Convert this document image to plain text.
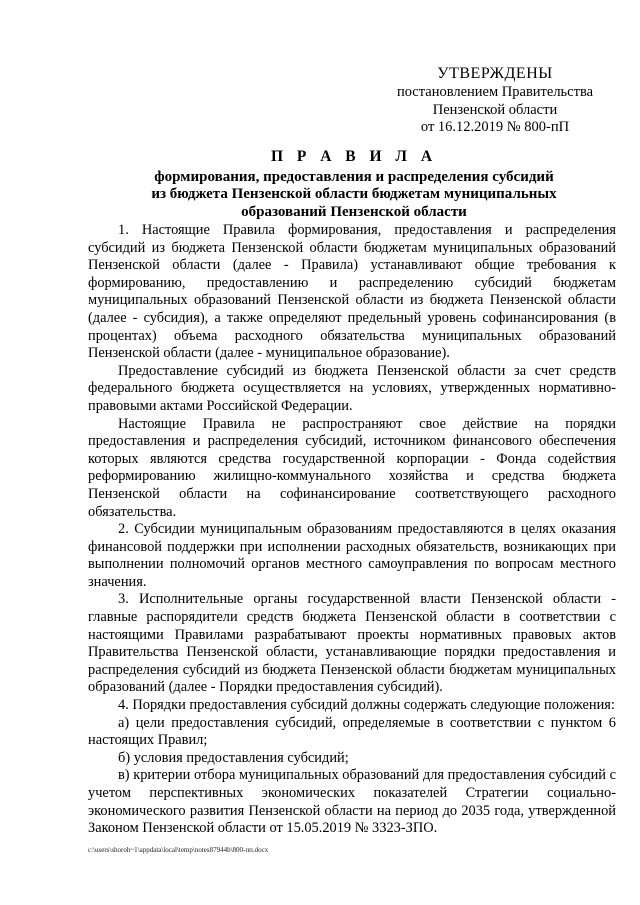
УТВЕРЖДЕНЫ
постановлением Правительства
Пензенской области
от 16.12.2019 № 800-пП
П Р А В И Л А
формирования, предоставления и распределения субсидий
из бюджета Пензенской области бюджетам муниципальных
образований Пензенской области

1. Настоящие Правила формирования, предоставления и распределения субсидий из бюджета Пензенской области бюджетам муниципальных образований Пензенской области (далее - Правила) устанавливают общие требования к формированию, предоставлению и распределению субсидий бюджетам муниципальных образований Пензенской области из бюджета Пензенской области (далее - субсидия), а также определяют предельный уровень софинансирования (в процентах) объема расходного обязательства муниципальных образований Пензенской области (далее - муниципальное образование).

Предоставление субсидий из бюджета Пензенской области за счет средств федерального бюджета осуществляется на условиях, утвержденных нормативно-правовыми актами Российской Федерации.

Настоящие Правила не распространяют свое действие на порядки предоставления и распределения субсидий, источником финансового обеспечения которых являются средства государственной корпорации - Фонда содействия реформированию жилищно-коммунального хозяйства и средства бюджета Пензенской области на софинансирование соответствующего расходного обязательства.

2. Субсидии муниципальным образованиям предоставляются в целях оказания финансовой поддержки при исполнении расходных обязательств, возникающих при выполнении полномочий органов местного самоуправления по вопросам местного значения.

3. Исполнительные органы государственной власти Пензенской области - главные распорядители средств бюджета Пензенской области в соответствии с настоящими Правилами разрабатывают проекты нормативных правовых актов Правительства Пензенской области, устанавливающие порядки предоставления и распределения субсидий из бюджета Пензенской области бюджетам муниципальных образований (далее - Порядки предоставления субсидий).

4. Порядки предоставления субсидий должны содержать следующие положения:

а) цели предоставления субсидий, определяемые в соответствии с пунктом 6 настоящих Правил;

б) условия предоставления субсидий;

в) критерии отбора муниципальных образований для предоставления субсидий с учетом перспективных экономических показателей Стратегии социально-экономического развития Пензенской области на период до 2035 года, утвержденной Законом Пензенской области от 15.05.2019 № 3323-ЗПО.

c:\users\shoroh~1\appdata\local\temp\notes87944b\800-пп.docx
